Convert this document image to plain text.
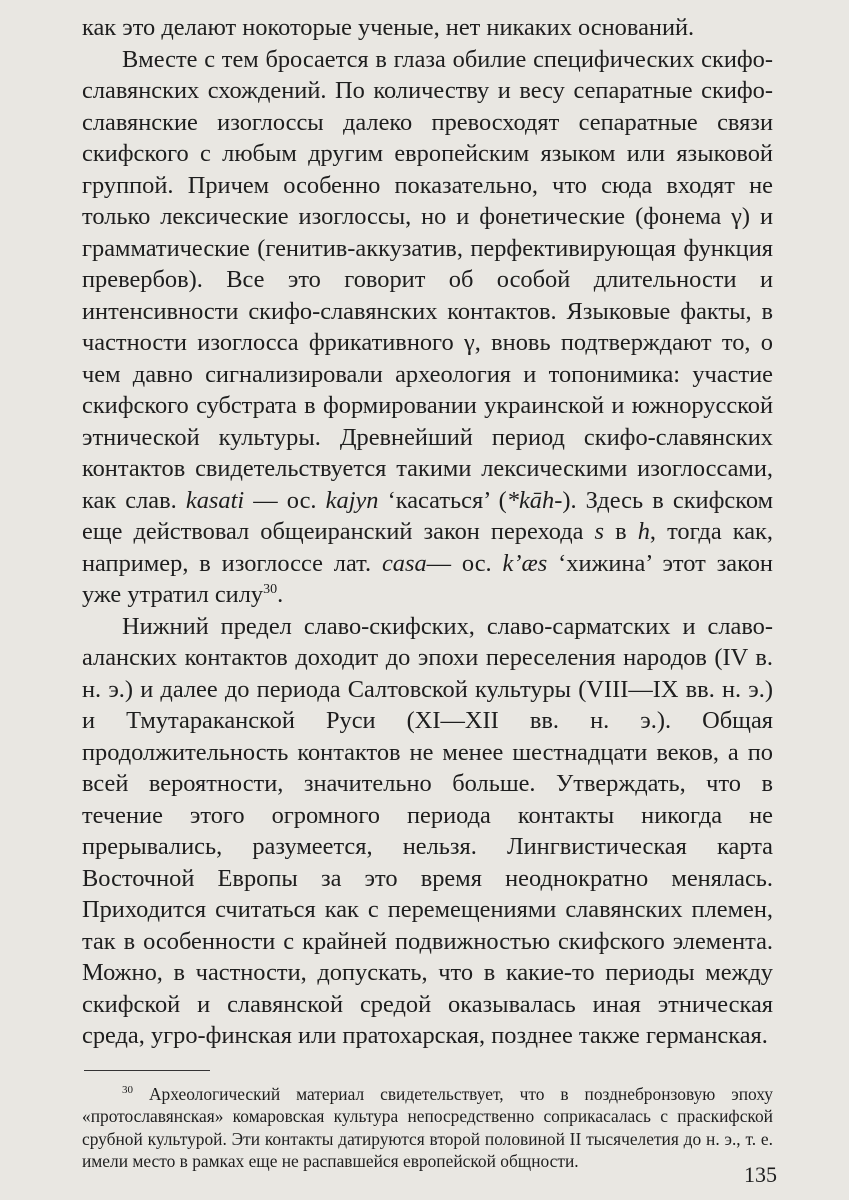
как это делают нокоторые ученые, нет никаких оснований.

Вместе с тем бросается в глаза обилие специфических скифо-славянских схождений. По количеству и весу сепаратные скифо-славянские изоглоссы далеко превосходят сепаратные связи скифского с любым другим европейским языком или языковой группой. Причем особенно показательно, что сюда входят не только лексические изоглоссы, но и фонетические (фонема γ) и грамматические (генитив-аккузатив, перфективирующая функция превербов). Все это говорит об особой длительности и интенсивности скифо-славянских контактов. Языковые факты, в частности изоглосса фрикативного γ, вновь подтверждают то, о чем давно сигнализировали археология и топонимика: участие скифского субстрата в формировании украинской и южнорусской этнической культуры. Древнейший период скифо-славянских контактов свидетельствуется такими лексическими изоглоссами, как слав. kasati — ос. kajyn ‘касаться’ (*kāh-). Здесь в скифском еще действовал общеиранский закон перехода s в h, тогда как, например, в изоглоссе лат. casa— ос. k’æs ‘хижина’ этот закон уже утратил силу$^{30}$.

Нижний предел славо-скифских, славо-сарматских и славо-аланских контактов доходит до эпохи переселения народов (IV в. н. э.) и далее до периода Салтовской культуры (VIII—IX вв. н. э.) и Тмутараканской Руси (XI—XII вв. н. э.). Общая продолжительность контактов не менее шестнадцати веков, а по всей вероятности, значительно больше. Утверждать, что в течение этого огромного периода контакты никогда не прерывались, разумеется, нельзя. Лингвистическая карта Восточной Европы за это время неоднократно менялась. Приходится считаться как с перемещениями славянских племен, так в особенности с крайней подвижностью скифского элемента. Можно, в частности, допускать, что в какие-то периоды между скифской и славянской средой оказывалась иная этническая среда, угро-финская или пратохарская, позднее также германская.

$^{30}$ Археологический материал свидетельствует, что в позднебронзовую эпоху «протославянская» комаровская культура непосредственно соприкасалась с праскифской срубной культурой. Эти контакты датируются второй половиной II тысячелетия до н. э., т. е. имели место в рамках еще не распавшейся европейской общности.

135
